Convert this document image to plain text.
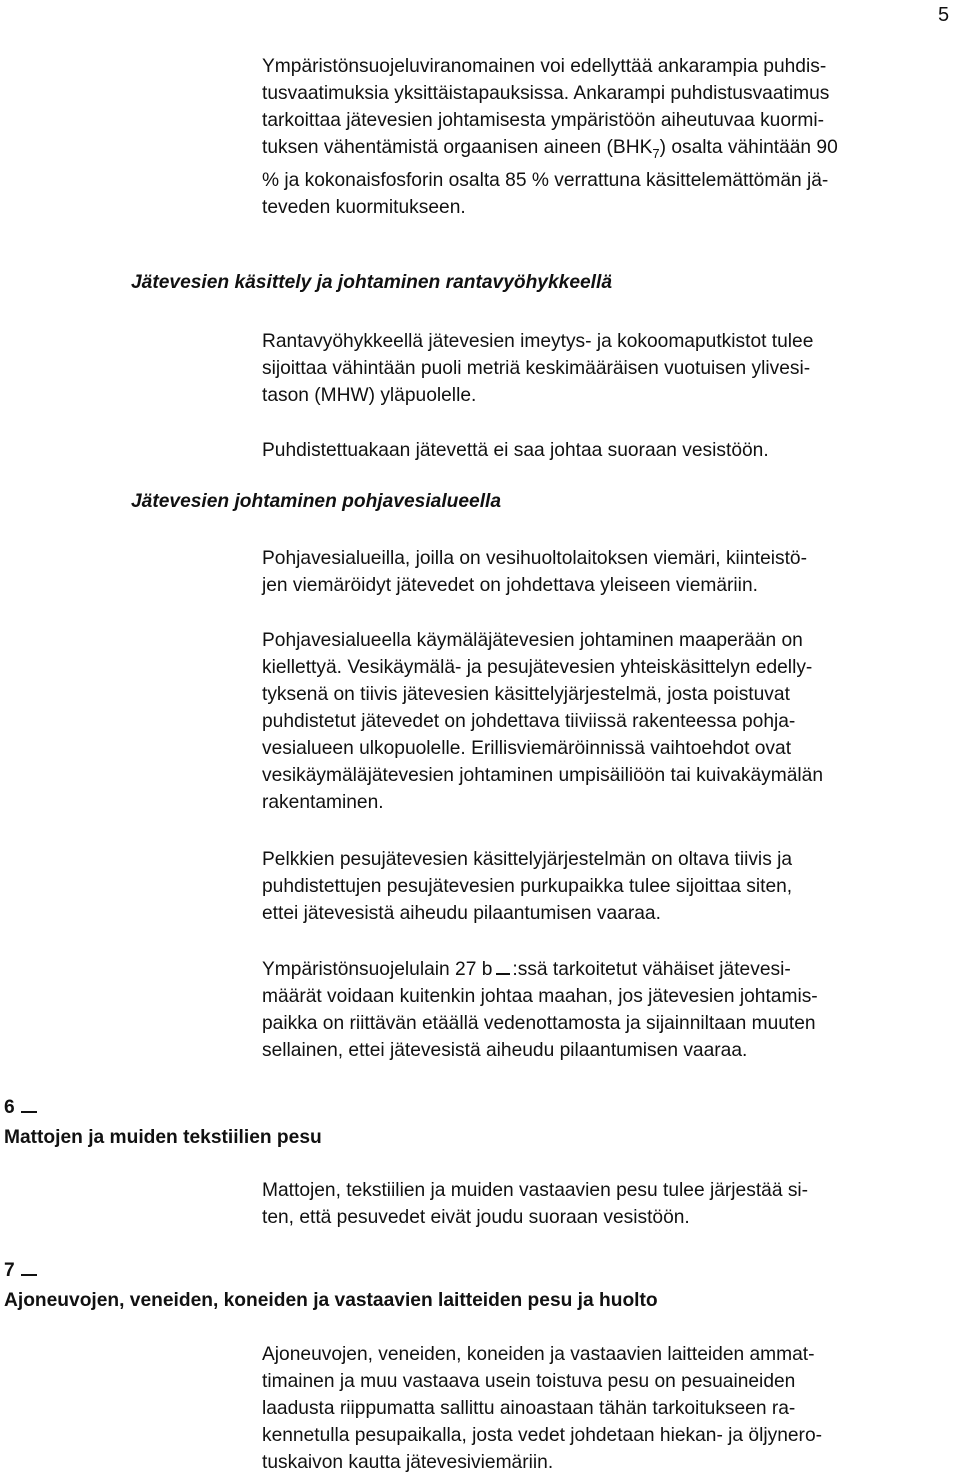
5
Ympäristönsuojeluviranomainen voi edellyttää ankarampia puhdis-
tusvaatimuksia yksittäistapauksissa. Ankarampi puhdistusvaatimus
tarkoittaa jätevesien johtamisesta ympäristöön aiheutuvaa kuormi-
tuksen vähentämistä orgaanisen aineen $(BHK_7)$ osalta vähintään 90
% ja kokonaisfosforin osalta 85 % verrattuna käsittelemättömän jä-
teveden kuormitukseen.
Jätevesien käsittely ja johtaminen rantavyöhykkeellä
Rantavyöhykkeellä jätevesien imeytys- ja kokoomaputkistot tulee
sijoittaa vähintään puoli metriä keskimääräisen vuotuisen ylivesi-
tason (MHW) yläpuolelle.
Puhdistettuakaan jätevettä ei saa johtaa suoraan vesistöön.
Jätevesien johtaminen pohjavesialueella
Pohjavesialueilla, joilla on vesihuoltolaitoksen viemäri, kiinteistö-
jen viemäröidyt jätevedet on johdettava yleiseen viemäriin.
Pohjavesialueella käymäläjätevesien johtaminen maaperään on
kiellettyä. Vesikäymälä- ja pesujätevesien yhteiskäsittelyn edelly-
tyksenä on tiivis jätevesien käsittelyjärjestelmä, josta poistuvat
puhdistetut jätevedet on johdettava tiiviissä rakenteessa pohja-
vesialueen ulkopuolelle. Erillisviemäröinnissä vaihtoehdot ovat
vesikäymäläjätevesien johtaminen umpisäiliöön tai kuivakäymälän
rakentaminen.
Pelkkien pesujätevesien käsittelyjärjestelmän on oltava tiivis ja
puhdistettujen pesujätevesien purkupaikka tulee sijoittaa siten,
ettei jätevesistä aiheudu pilaantumisen vaaraa.
Ympäristönsuojelulain 27 b :ssä tarkoitetut vähäiset jätevesi-
määrät voidaan kuitenkin johtaa maahan, jos jätevesien johtamis-
paikka on riittävän etäällä vedenottamosta ja sijainniltaan muuten
sellainen, ettei jätevesistä aiheudu pilaantumisen vaaraa.
6
Mattojen ja muiden tekstiilien pesu
Mattojen, tekstiilien ja muiden vastaavien pesu tulee järjestää si-
ten, että pesuvedet eivät joudu suoraan vesistöön.
7
Ajoneuvojen, veneiden, koneiden ja vastaavien laitteiden pesu ja huolto
Ajoneuvojen, veneiden, koneiden ja vastaavien laitteiden ammat-
timainen ja muu vastaava usein toistuva pesu on pesuaineiden
laadusta riippumatta sallittu ainoastaan tähän tarkoitukseen ra-
kennetulla pesupaikalla, josta vedet johdetaan hiekan- ja öljynero-
tuskaivon kautta jätevesiviemäriin.
